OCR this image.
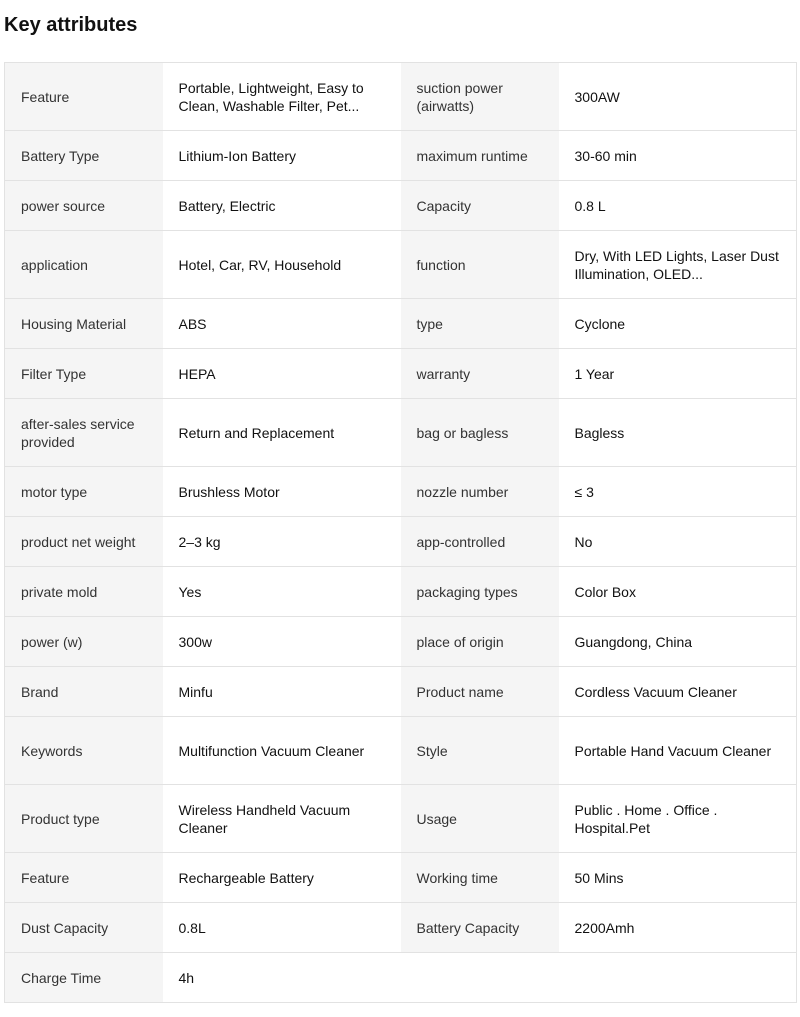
Key attributes
Feature	Portable, Lightweight, Easy to Clean, Washable Filter, Pet...	suction power (airwatts)	300AW
Battery Type	Lithium-Ion Battery	maximum runtime	30-60 min
power source	Battery, Electric	Capacity	0.8 L
application	Hotel, Car, RV, Household	function	Dry, With LED Lights, Laser Dust Illumination, OLED...
Housing Material	ABS	type	Cyclone
Filter Type	HEPA	warranty	1 Year
after-sales service provided	Return and Replacement	bag or bagless	Bagless
motor type	Brushless Motor	nozzle number	≤ 3
product net weight	2–3 kg	app-controlled	No
private mold	Yes	packaging types	Color Box
power (w)	300w	place of origin	Guangdong, China
Brand	Minfu	Product name	Cordless Vacuum Cleaner
Keywords	Multifunction Vacuum Cleaner	Style	Portable Hand Vacuum Cleaner
Product type	Wireless Handheld Vacuum Cleaner	Usage	Public . Home . Office . Hospital.Pet
Feature	Rechargeable Battery	Working time	50 Mins
Dust Capacity	0.8L	Battery Capacity	2200Amh
Charge Time	4h		
